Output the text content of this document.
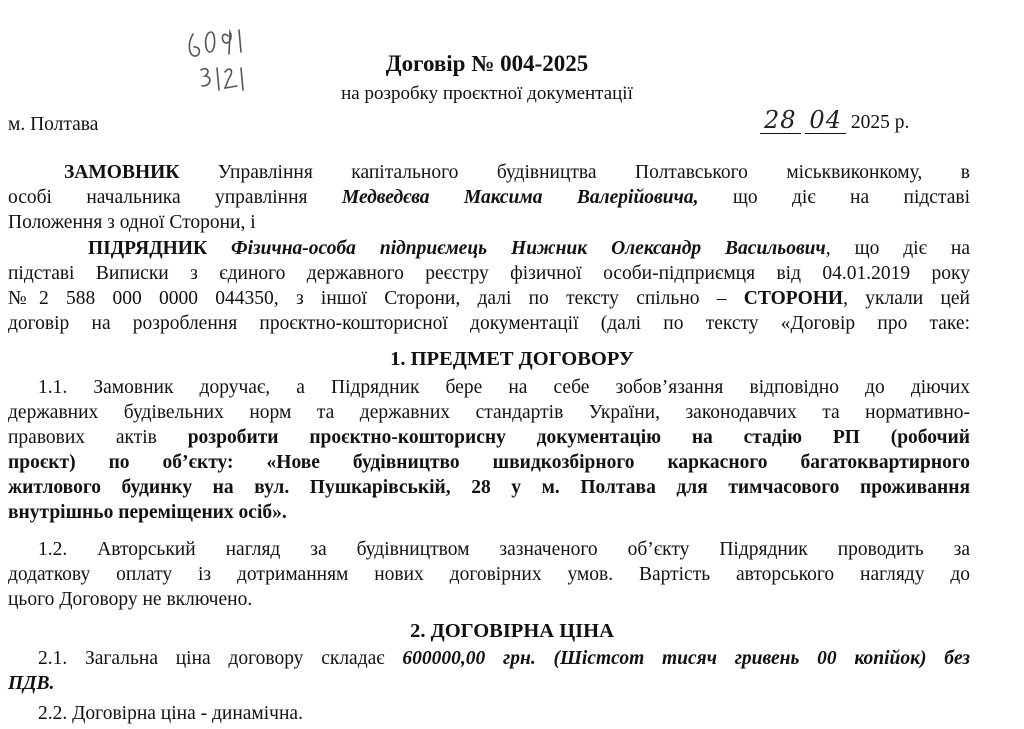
Договір № 004-2025
на розробку проєктної документації
м. Полтава	28 04 2025 р.
ЗАМОВНИК Управління капітального будівництва Полтавського міськвиконкому, в
особі начальника управління Медведєва Максима Валерійовича, що діє на підставі
Положення з одної Сторони, і
ПІДРЯДНИК Фізична-особа підприємець Нижник Олександр Васильович, що діє на
підставі Виписки з єдиного державного реєстру фізичної особи-підприємця від 04.01.2019 року
№2 588 000 0000 044350, з іншої Сторони, далі по тексту спільно – СТОРОНИ, уклали цей
договір на розроблення проєктно-кошторисної документації (далі по тексту «Договір про таке:
1. ПРЕДМЕТ ДОГОВОРУ
1.1. Замовник доручає, а Підрядник бере на себе зобов’язання відповідно до діючих
державних будівельних норм та державних стандартів України, законодавчих та нормативно-
правових актів розробити проєктно-кошторисну документацію на стадію РП (робочий
проєкт) по об’єкту: «Нове будівництво швидкозбірного каркасного багатоквартирного
житлового будинку на вул. Пушкарівській, 28 у м. Полтава для тимчасового проживання
внутрішньо переміщених осіб».
1.2. Авторський нагляд за будівництвом зазначеного об’єкту Підрядник проводить за
додаткову оплату із дотриманням нових договірних умов. Вартість авторського нагляду до
цього Договору не включено.
2. ДОГОВІРНА ЦІНА
2.1. Загальна ціна договору складає 600000,00 грн. (Шістсот тисяч гривень 00 копійок) без
ПДВ.
2.2. Договірна ціна - динамічна.
